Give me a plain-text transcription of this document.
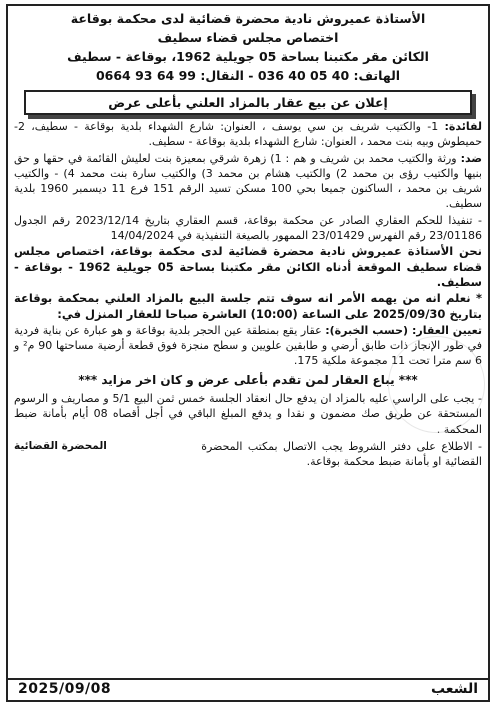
الأستاذة عميروش نادية محضرة قضائية لدى محكمة بوقاعة
اختصاص مجلس قضاء سطيف
الكائن مقر مكتبنا بساحة 05 جويلية 1962، بوقاعة - سطيف
الهاتف: 036 40 05 40 - النقال: 0664 93 64 99
إعلان عن بيع عقار بالمزاد العلني بأعلى عرض

لفائدة: 1- والكتيب شريف بن سي يوسف ، العنوان: شارع الشهداء بلدية بوقاعة - سطيف، 2- حميطوش وبيه بنت محمد ، العنوان: شارع الشهداء بلدية بوقاعة - سطيف.

ضد: ورثة والكتيب محمد بن شريف و هم : 1) زهرة شرقي بمعيزة بنت لعليش القائمة في حقها و حق بنيها والكتيب رؤى بن محمد 2) والكتيب هشام بن محمد 3) والكتيب سارة بنت محمد 4) - والكتيب شريف بن محمد ، الساكنون جميعا بحي 100 مسكن تسيد الرقم 151 فرع 11 ديسمبر 1960 بلدية سطيف.

- تنفيذا للحكم العقاري الصادر عن محكمة بوقاعة، قسم العقاري بتاريخ 2023/12/14 رقم الجدول 23/01186 رقم الفهرس 23/01429 الممهور بالصيغة التنفيذية في 14/04/2024

نحن الأستاذة عميروش نادية محضرة قضائية لدى محكمة بوقاعة، اختصاص مجلس قضاء سطيف الموقعة أدناه الكائن مقر مكتبنا بساحة 05 جويلية 1962 - بوقاعة - سطيف.

* نعلم انه من يهمه الأمر انه سوف تتم جلسة البيع بالمزاد العلني بمحكمة بوقاعة بتاريخ 2025/09/30 على الساعة (10:00) العاشرة صباحا للعقار المنزل في:

تعيين العقار: (حسب الخبرة): عقار يقع بمنطقة عين الحجر بلدية بوقاعة و هو عبارة عن بناية فردية في طور الإنجاز ذات طابق أرضي و طابقين علويين و سطح منجزة فوق قطعة أرضية مساحتها 90 م² و 6 سم مترا تحت 11 مجموعة ملكية 175.

*** يباع العقار لمن تقدم بأعلى عرض و كان اخر مزايد ***

- يجب على الراسي عليه بالمزاد ان يدفع حال انعقاد الجلسة خمس ثمن البيع 5/1 و مصاريف و الرسوم المستحقة عن طريق صك مضمون و نقدا و يدفع المبلغ الباقي في أجل أقصاه 08 أيام بأمانة ضبط المحكمة .

- الاطلاع على دفتر الشروط يجب الاتصال بمكتب المحضرة القضائية او بأمانة ضبط محكمة بوقاعة.
المحضرة القضائية
الشعب
2025/09/08
